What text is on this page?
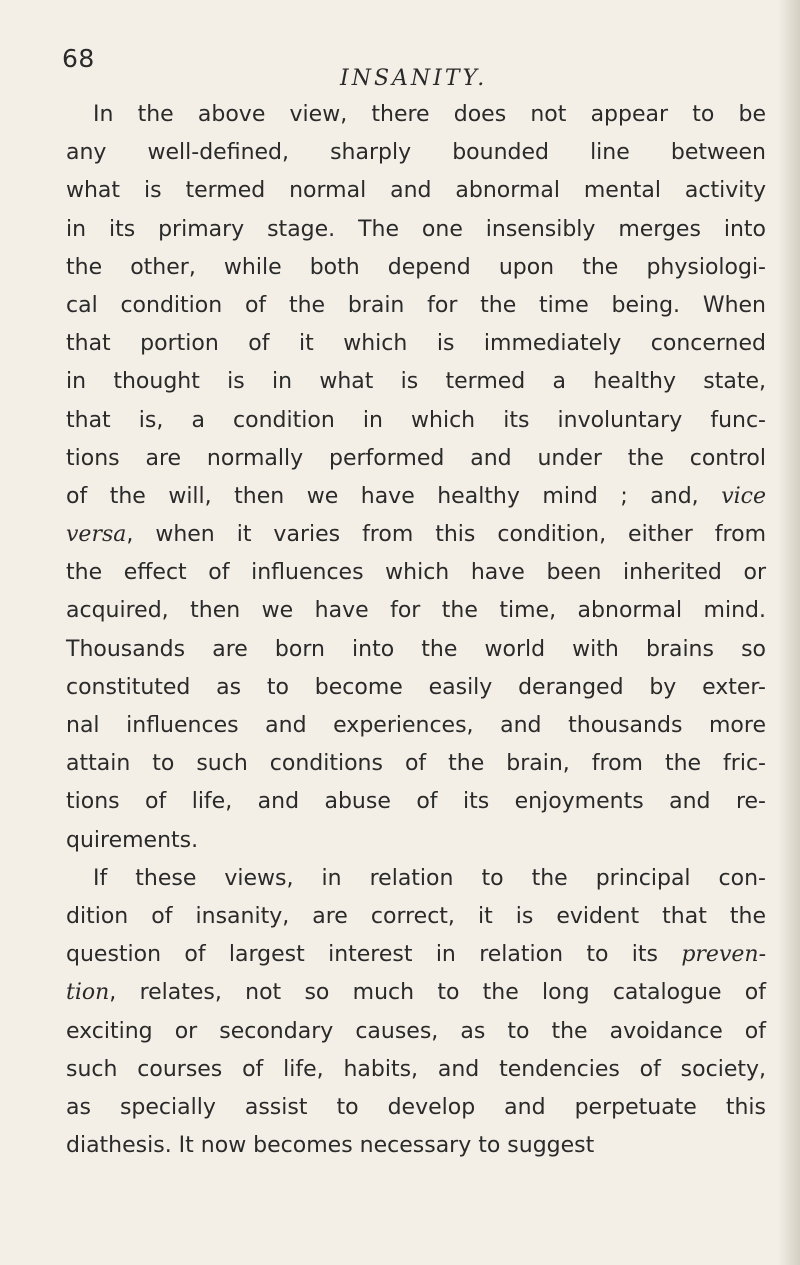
68
INSANITY.
In the above view, there does not appear to be
any well-defined, sharply bounded line between
what is termed normal and abnormal mental activity
in its primary stage. The one insensibly merges into
the other, while both depend upon the physiologi-
cal condition of the brain for the time being. When
that portion of it which is immediately concerned
in thought is in what is termed a healthy state,
that is, a condition in which its involuntary func-
tions are normally performed and under the control
of the will, then we have healthy mind ; and, vice
versa, when it varies from this condition, either from
the effect of influences which have been inherited or
acquired, then we have for the time, abnormal mind.
Thousands are born into the world with brains so
constituted as to become easily deranged by exter-
nal influences and experiences, and thousands more
attain to such conditions of the brain, from the fric-
tions of life, and abuse of its enjoyments and re-
quirements.
If these views, in relation to the principal con-
dition of insanity, are correct, it is evident that the
question of largest interest in relation to its preven-
tion, relates, not so much to the long catalogue of
exciting or secondary causes, as to the avoidance of
such courses of life, habits, and tendencies of society,
as specially assist to develop and perpetuate this
diathesis. It now becomes necessary to suggest
